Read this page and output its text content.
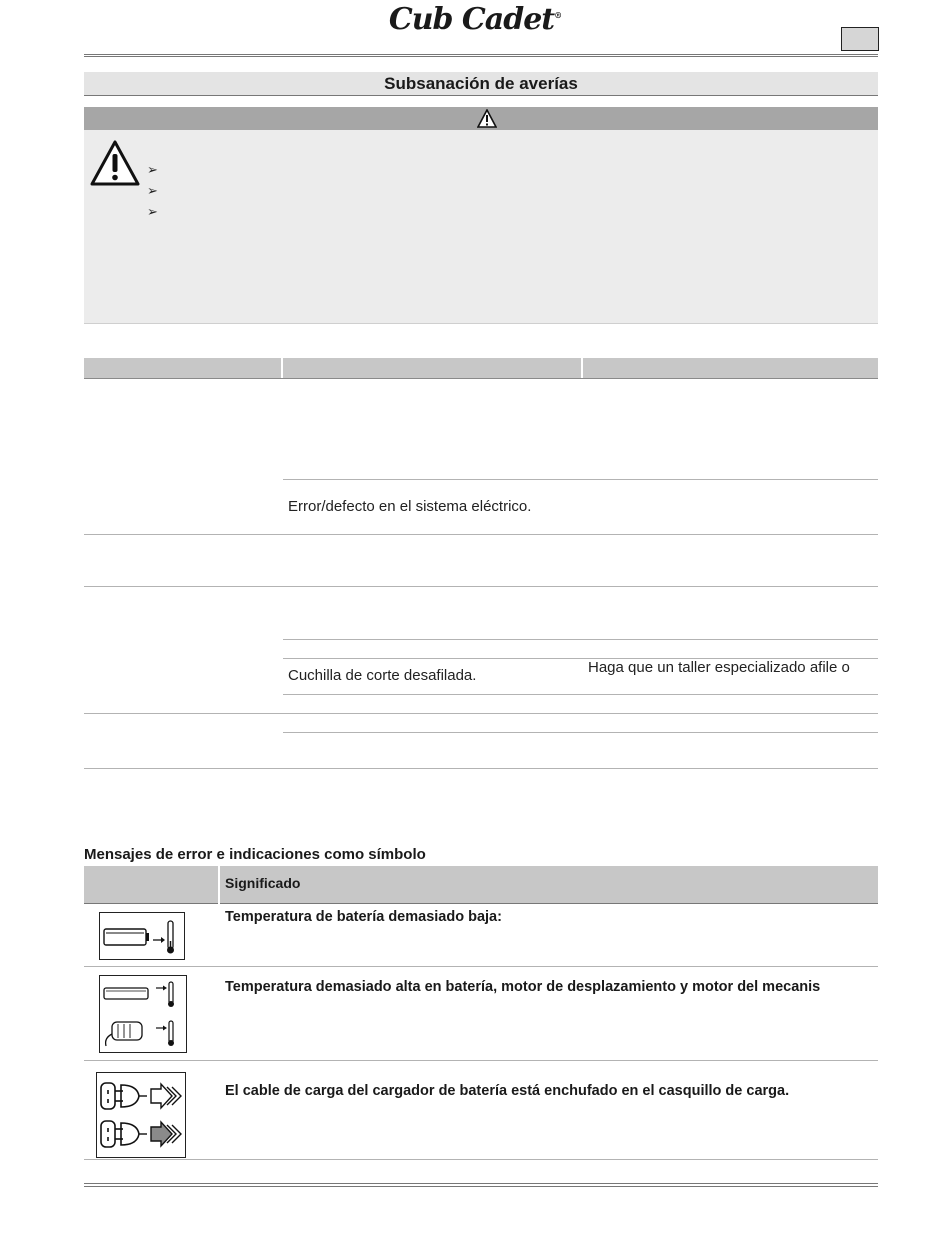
Cub Cadet®
Subsanación de averías
➢
➢
➢
Error/defecto en el sistema eléctrico.
Cuchilla de corte desafilada.	Haga que un taller especializado afile o
Mensajes de error e indicaciones como símbolo
Significado
Temperatura de batería demasiado baja:
Temperatura demasiado alta en batería, motor de desplazamiento y motor del mecanis
El cable de carga del cargador de batería está enchufado en el casquillo de carga.
